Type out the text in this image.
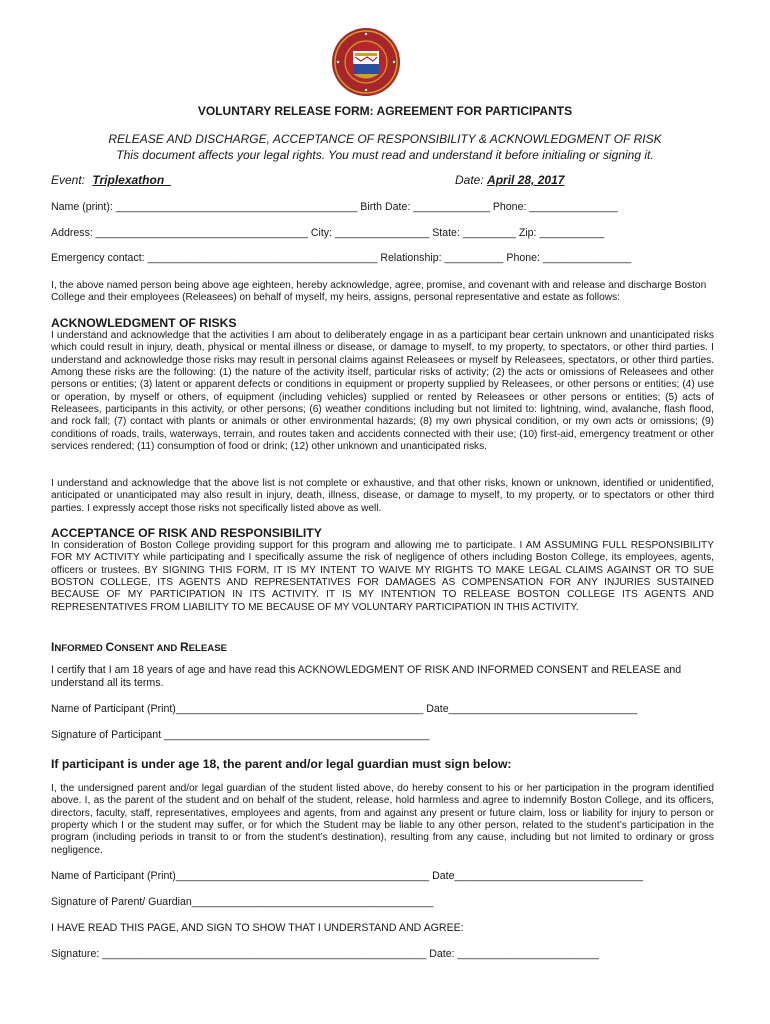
VOLUNTARY RELEASE FORM: AGREEMENT FOR PARTICIPANTS
RELEASE AND DISCHARGE, ACCEPTANCE OF RESPONSIBILITY & ACKNOWLEDGMENT OF RISK
This document affects your legal rights. You must read and understand it before initialing or signing it.
Event: Triplexathon	Date: April 28, 2017
Name (print): _________________________________________ Birth Date: _____________ Phone: _______________
Address: ____________________________________ City: ________________ State: _________ Zip: ___________
Emergency contact: _______________________________________ Relationship: __________ Phone: _______________

I, the above named person being above age eighteen, hereby acknowledge, agree, promise, and covenant with and release and discharge Boston College and their employees (Releasees) on behalf of myself, my heirs, assigns, personal representative and estate as follows:

ACKNOWLEDGMENT OF RISKS

I understand and acknowledge that the activities I am about to deliberately engage in as a participant bear certain unknown and unanticipated risks which could result in injury, death, physical or mental illness or disease, or damage to myself, to my property, to spectators, or other third parties. I understand and acknowledge those risks may result in personal claims against Releasees or myself by Releasees, spectators, or other third parties. Among these risks are the following: (1) the nature of the activity itself, particular risks of activity; (2) the acts or omissions of Releasees and other persons or entities; (3) latent or apparent defects or conditions in equipment or property supplied by Releasees, or other persons or entities; (4) use or operation, by myself or others, of equipment (including vehicles) supplied or rented by Releasees or other persons or entities; (5) acts of Releasees, participants in this activity, or other persons; (6) weather conditions including but not limited to: lightning, wind, avalanche, flash flood, and rock fall; (7) contact with plants or animals or other environmental hazards; (8) my own physical condition, or my own acts or omissions; (9) conditions of roads, trails, waterways, terrain, and routes taken and accidents connected with their use; (10) first-aid, emergency treatment or other services rendered; (11) consumption of food or drink; (12) other unknown and unanticipated risks.

I understand and acknowledge that the above list is not complete or exhaustive, and that other risks, known or unknown, identified or unidentified, anticipated or unanticipated may also result in injury, death, illness, disease, or damage to myself, to my property, or to spectators or other third parties. I expressly accept those risks not specifically listed above as well.

ACCEPTANCE OF RISK AND RESPONSIBILITY

In consideration of Boston College providing support for this program and allowing me to participate. I AM ASSUMING FULL RESPONSIBILITY FOR MY ACTIVITY while participating and I specifically assume the risk of negligence of others including Boston College, its employees, agents, officers or trustees. BY SIGNING THIS FORM, IT IS MY INTENT TO WAIVE MY RIGHTS TO MAKE LEGAL CLAIMS AGAINST OR TO SUE BOSTON COLLEGE, ITS AGENTS AND REPRESENTATIVES FOR DAMAGES AS COMPENSATION FOR ANY INJURIES SUSTAINED BECAUSE OF MY PARTICIPATION IN ITS ACTIVITY. IT IS MY INTENTION TO RELEASE BOSTON COLLEGE ITS AGENTS AND REPRESENTATIVES FROM LIABILITY TO ME BECAUSE OF MY VOLUNTARY PARTICIPATION IN THIS ACTIVITY.

INFORMED CONSENT AND RELEASE

I certify that I am 18 years of age and have read this ACKNOWLEDGMENT OF RISK AND INFORMED CONSENT and RELEASE and understand all its terms.

Name of Participant (Print)__________________________________________ Date________________________________
Signature of Participant _____________________________________________
If participant is under age 18, the parent and/or legal guardian must sign below:

I, the undersigned parent and/or legal guardian of the student listed above, do hereby consent to his or her participation in the program identified above. I, as the parent of the student and on behalf of the student, release, hold harmless and agree to indemnify Boston College, and its officers, directors, faculty, staff, representatives, employees and agents, from and against any present or future claim, loss or liability for injury to person or property which I or the student may suffer, or for which the Student may be liable to any other person, related to the student’s participation in the program (including periods in transit to or from the student’s destination), resulting from any cause, including but not limited to ordinary or gross negligence.

Name of Participant (Print)___________________________________________ Date________________________________
Signature of Parent/ Guardian_________________________________________
I HAVE READ THIS PAGE, AND SIGN TO SHOW THAT I UNDERSTAND AND AGREE:
Signature: _______________________________________________________ Date: ________________________
